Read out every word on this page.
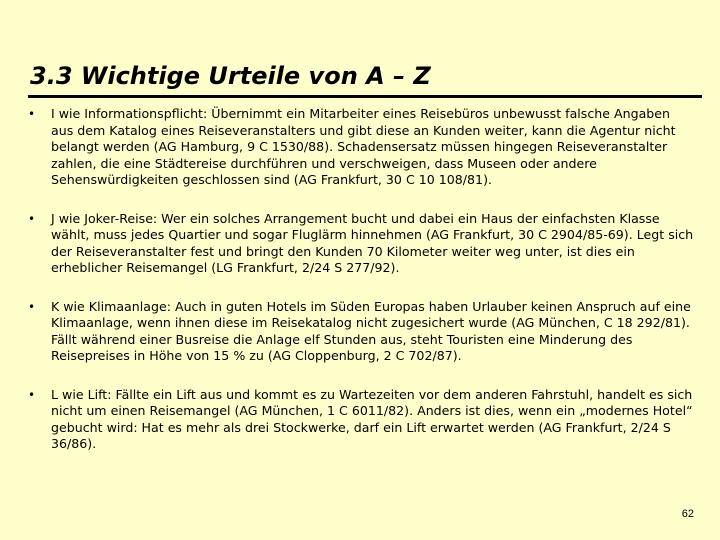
3.3 Wichtige Urteile von A – Z
• I wie Informationspflicht: Übernimmt ein Mitarbeiter eines Reisebüros unbewusst falsche Angaben aus dem Katalog eines Reiseveranstalters und gibt diese an Kunden weiter, kann die Agentur nicht belangt werden (AG Hamburg, 9 C 1530/88). Schadensersatz müssen hingegen Reiseveranstalter zahlen, die eine Städtereise durchführen und verschweigen, dass Museen oder andere Sehenswürdigkeiten geschlossen sind (AG Frankfurt, 30 C 10 108/81).
• J wie Joker-Reise: Wer ein solches Arrangement bucht und dabei ein Haus der einfachsten Klasse wählt, muss jedes Quartier und sogar Fluglärm hinnehmen (AG Frankfurt, 30 C 2904/85-69). Legt sich der Reiseveranstalter fest und bringt den Kunden 70 Kilometer weiter weg unter, ist dies ein erheblicher Reisemangel (LG Frankfurt, 2/24 S 277/92).
• K wie Klimaanlage: Auch in guten Hotels im Süden Europas haben Urlauber keinen Anspruch auf eine Klimaanlage, wenn ihnen diese im Reisekatalog nicht zugesichert wurde (AG München, C 18 292/81). Fällt während einer Busreise die Anlage elf Stunden aus, steht Touristen eine Minderung des Reisepreises in Höhe von 15 % zu (AG Cloppenburg, 2 C 702/87).
• L wie Lift: Fällte ein Lift aus und kommt es zu Wartezeiten vor dem anderen Fahrstuhl, handelt es sich nicht um einen Reisemangel (AG München, 1 C 6011/82). Anders ist dies, wenn ein „modernes Hotel“ gebucht wird: Hat es mehr als drei Stockwerke, darf ein Lift erwartet werden (AG Frankfurt, 2/24 S 36/86).
62
